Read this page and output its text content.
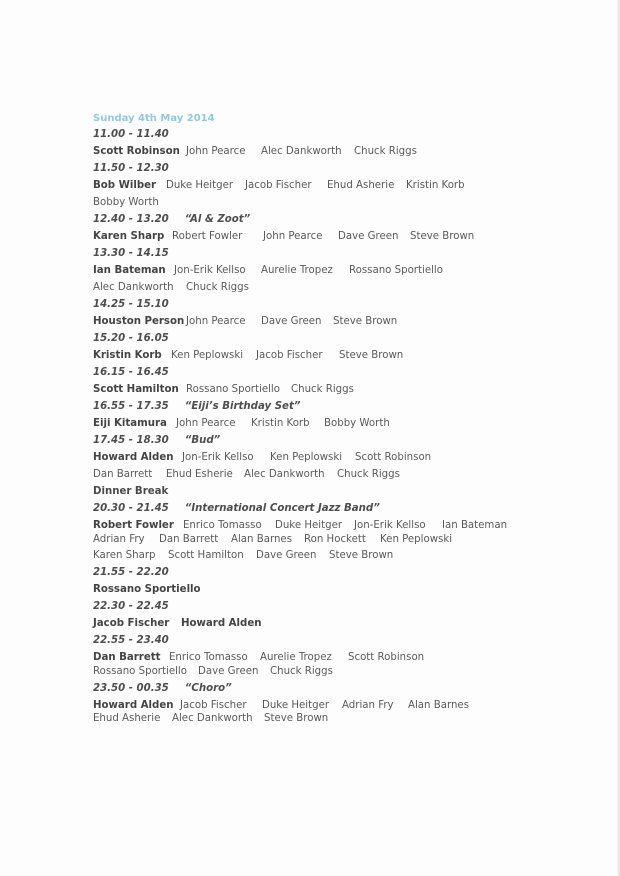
Sunday 4th May 2014
11.00 - 11.40
Scott Robinson John Pearce Alec Dankworth Chuck Riggs
11.50 - 12.30
Bob Wilber Duke Heitger Jacob Fischer Ehud Asherie Kristin Korb
Bobby Worth
12.40 - 13.20 “Al & Zoot”
Karen Sharp Robert Fowler John Pearce Dave Green Steve Brown
13.30 - 14.15
Ian Bateman Jon-Erik Kellso Aurelie Tropez Rossano Sportiello
Alec Dankworth Chuck Riggs
14.25 - 15.10
Houston Person John Pearce Dave Green Steve Brown
15.20 - 16.05
Kristin Korb Ken Peplowski Jacob Fischer Steve Brown
16.15 - 16.45
Scott Hamilton Rossano Sportiello Chuck Riggs
16.55 - 17.35 “Eiji’s Birthday Set”
Eiji Kitamura John Pearce Kristin Korb Bobby Worth
17.45 - 18.30 “Bud”
Howard Alden Jon-Erik Kellso Ken Peplowski Scott Robinson
Dan Barrett Ehud Esherie Alec Dankworth Chuck Riggs
Dinner Break
20.30 - 21.45 “International Concert Jazz Band”
Robert Fowler Enrico Tomasso Duke Heitger Jon-Erik Kellso Ian Bateman
Adrian Fry Dan Barrett Alan Barnes Ron Hockett Ken Peplowski
Karen Sharp Scott Hamilton Dave Green Steve Brown
21.55 - 22.20
Rossano Sportiello
22.30 - 22.45
Jacob Fischer Howard Alden
22.55 - 23.40
Dan Barrett Enrico Tomasso Aurelie Tropez Scott Robinson
Rossano Sportiello Dave Green Chuck Riggs
23.50 - 00.35 “Choro”
Howard Alden Jacob Fischer Duke Heitger Adrian Fry Alan Barnes
Ehud Asherie Alec Dankworth Steve Brown
